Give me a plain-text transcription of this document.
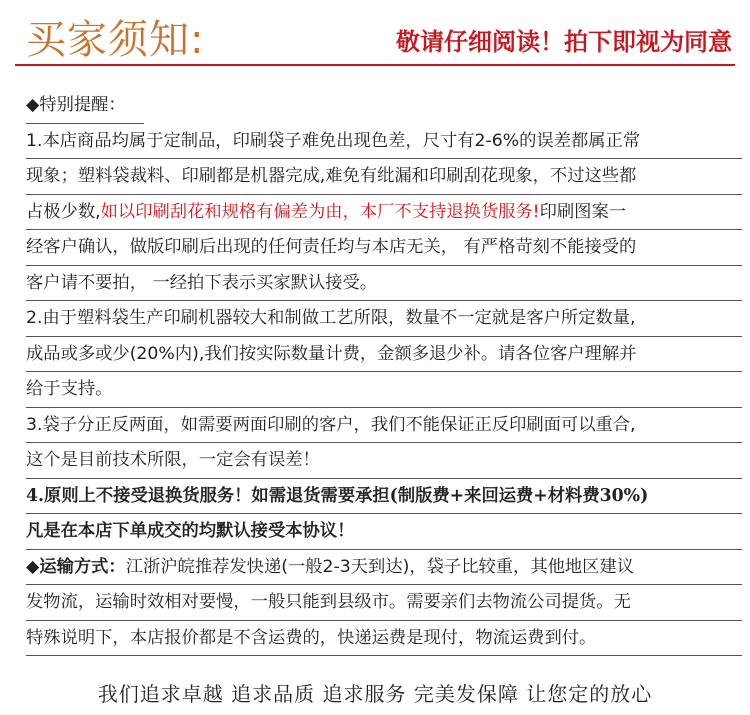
买家须知:	敬请仔细阅读！拍下即视为同意
◆特别提醒：
1.本店商品均属于定制品，印刷袋子难免出现色差，尺寸有2-6%的误差都属正常
现象；塑料袋裁料、印刷都是机器完成,难免有纰漏和印刷刮花现象，不过这些都
占极少数,如以印刷刮花和规格有偏差为由，本厂不支持退换货服务!印刷图案一
经客户确认，做版印刷后出现的任何责任均与本店无关， 有严格苛刻不能接受的
客户请不要拍， 一经拍下表示买家默认接受。
2.由于塑料袋生产印刷机器较大和制做工艺所限，数量不一定就是客户所定数量,
成品或多或少(20%内),我们按实际数量计费，金额多退少补。请各位客户理解并
给于支持。
3.袋子分正反两面，如需要两面印刷的客户，我们不能保证正反印刷面可以重合,
这个是目前技术所限，一定会有误差！
4.原则上不接受退换货服务！如需退货需要承担(制版费+来回运费+材料费30%)
凡是在本店下单成交的均默认接受本协议！
◆运输方式：江浙沪皖推荐发快递(一般2-3天到达)，袋子比较重，其他地区建议
发物流，运输时效相对要慢，一般只能到县级市。需要亲们去物流公司提货。无
特殊说明下，本店报价都是不含运费的，快递运费是现付，物流运费到付。
我们追求卓越 追求品质 追求服务 完美发保障 让您定的放心
